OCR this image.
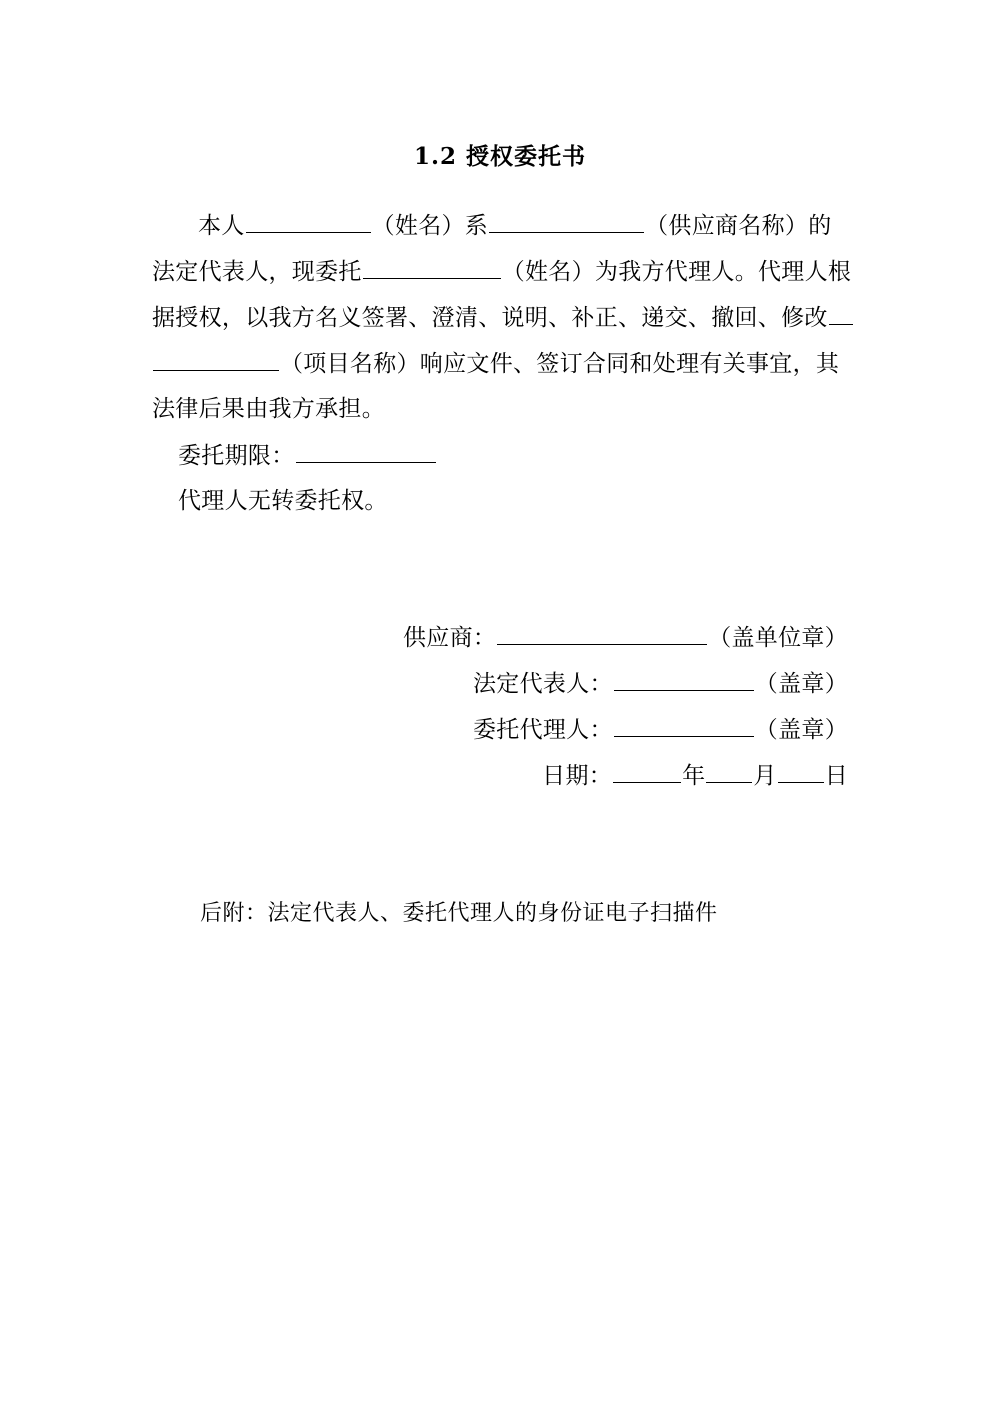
1.2 授权委托书
本人	（姓名）系	（供应商名称）的
法定代表人，现委托	（姓名）为我方代理人。代理人根
据授权，以我方名义签署、澄清、说明、补正、递交、撤回、修改
（项目名称）响应文件、签订合同和处理有关事宜，其
法律后果由我方承担。
委托期限：
代理人无转委托权。
供应商：	（盖单位章）
法定代表人：	（盖章）
委托代理人：	（盖章）
日期：	年 月 日
后附：法定代表人、委托代理人的身份证电子扫描件
